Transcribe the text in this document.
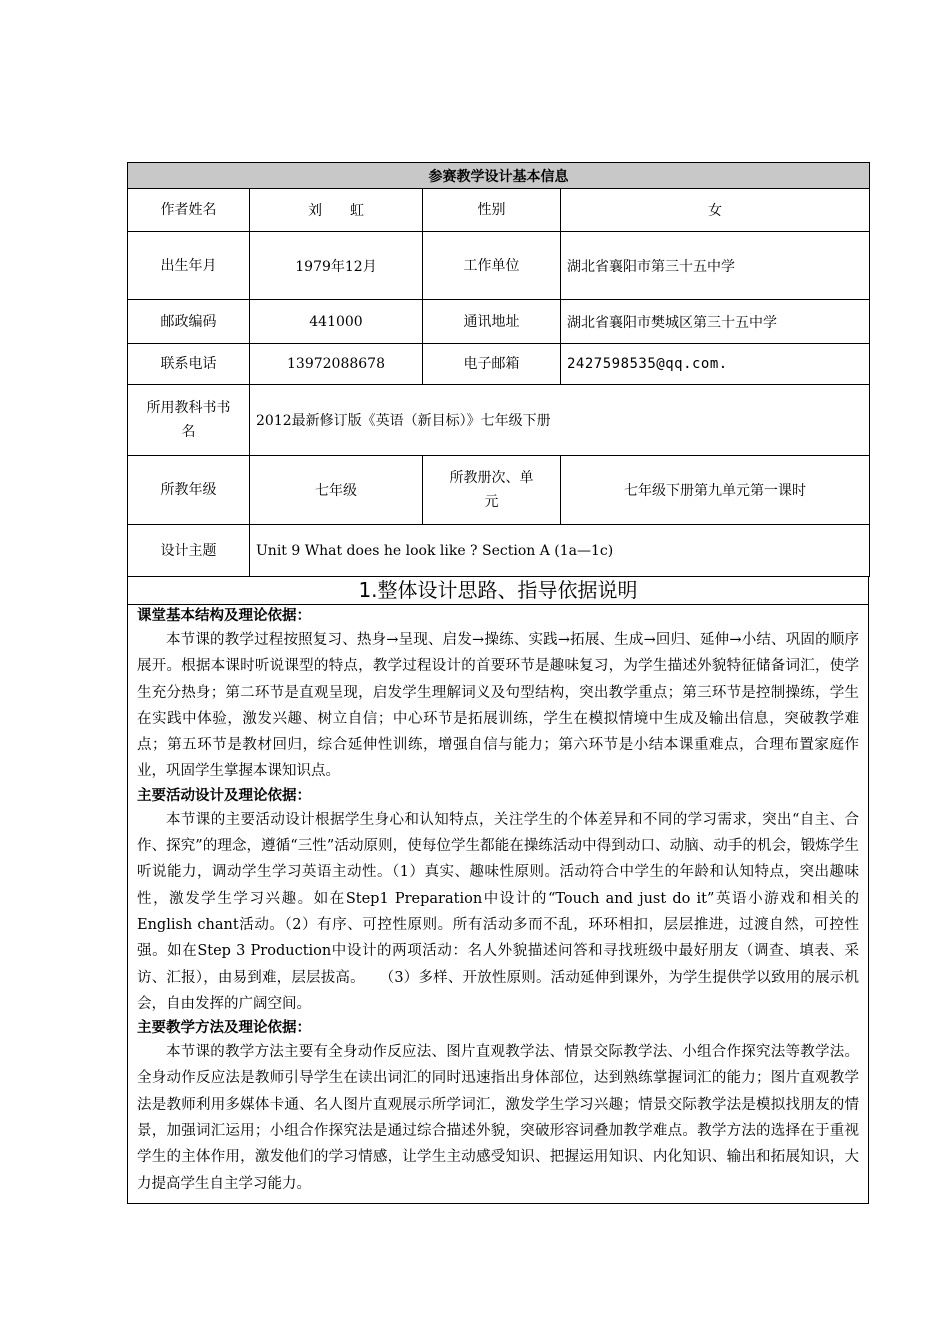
参赛教学设计基本信息			
作者姓名	刘　　虹	性别	女
出生年月	1979年12月	工作单位	湖北省襄阳市第三十五中学
邮政编码	441000	通讯地址	湖北省襄阳市樊城区第三十五中学
联系电话	13972088678	电子邮箱	2427598535@qq.com.
所用教科书书名	2012最新修订版《英语（新目标）》七年级下册		
所教年级	七年级	所教册次、单元	七年级下册第九单元第一课时
设计主题	Unit 9 What does he look like ? Section A (1a—1c)		
1.整体设计思路、指导依据说明
课堂基本结构及理论依据：

本节课的教学过程按照复习、热身→呈现、启发→操练、实践→拓展、生成→回归、延伸→小结、巩固的顺序展开。根据本课时听说课型的特点，教学过程设计的首要环节是趣味复习，为学生描述外貌特征储备词汇，使学生充分热身；第二环节是直观呈现，启发学生理解词义及句型结构，突出教学重点；第三环节是控制操练，学生在实践中体验，激发兴趣、树立自信；中心环节是拓展训练，学生在模拟情境中生成及输出信息，突破教学难点；第五环节是教材回归，综合延伸性训练，增强自信与能力；第六环节是小结本课重难点，合理布置家庭作业，巩固学生掌握本课知识点。

主要活动设计及理论依据：

本节课的主要活动设计根据学生身心和认知特点，关注学生的个体差异和不同的学习需求，突出“自主、合作、探究”的理念，遵循“三性”活动原则，使每位学生都能在操练活动中得到动口、动脑、动手的机会，锻炼学生听说能力，调动学生学习英语主动性。（1）真实、趣味性原则。活动符合中学生的年龄和认知特点，突出趣味性，激发学生学习兴趣。如在Step1 Preparation中设计的“Touch and just do it”英语小游戏和相关的English chant活动。（2）有序、可控性原则。所有活动多而不乱，环环相扣，层层推进，过渡自然，可控性强。如在Step 3 Production中设计的两项活动：名人外貌描述问答和寻找班级中最好朋友（调查、填表、采访、汇报），由易到难，层层拔高。　　（3）多样、开放性原则。活动延伸到课外，为学生提供学以致用的展示机会，自由发挥的广阔空间。

主要教学方法及理论依据：

本节课的教学方法主要有全身动作反应法、图片直观教学法、情景交际教学法、小组合作探究法等教学法。全身动作反应法是教师引导学生在读出词汇的同时迅速指出身体部位，达到熟练掌握词汇的能力；图片直观教学法是教师利用多媒体卡通、名人图片直观展示所学词汇，激发学生学习兴趣；情景交际教学法是模拟找朋友的情景，加强词汇运用；小组合作探究法是通过综合描述外貌，突破形容词叠加教学难点。教学方法的选择在于重视学生的主体作用，激发他们的学习情感，让学生主动感受知识、把握运用知识、内化知识、输出和拓展知识，大力提高学生自主学习能力。
